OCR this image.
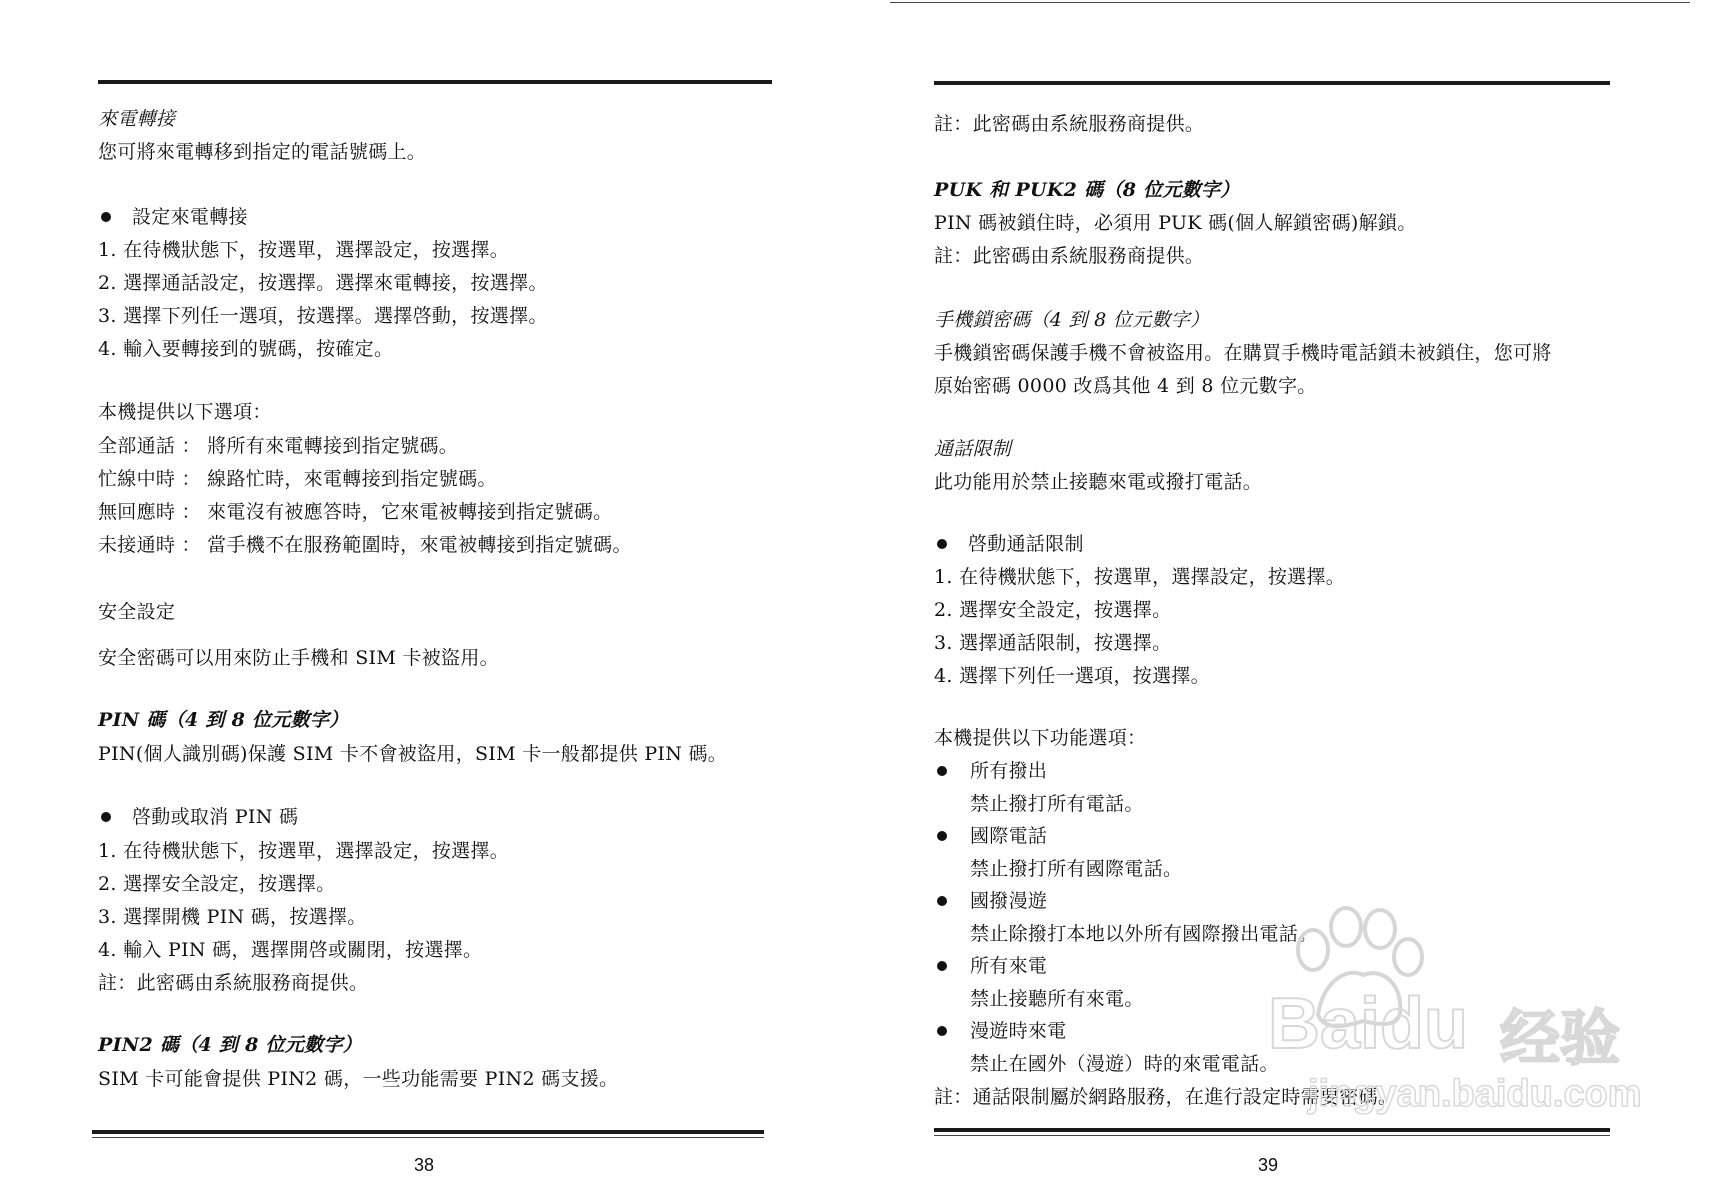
來電轉接
您可將來電轉移到指定的電話號碼上。
設定來電轉接
1. 在待機狀態下，按選單，選擇設定，按選擇。
2. 選擇通話設定，按選擇。選擇來電轉接，按選擇。
3. 選擇下列任一選項，按選擇。選擇啓動，按選擇。
4. 輸入要轉接到的號碼，按確定。
本機提供以下選項：
全部通話 ： 將所有來電轉接到指定號碼。
忙線中時 ： 線路忙時，來電轉接到指定號碼。
無回應時 ： 來電沒有被應答時，它來電被轉接到指定號碼。
未接通時 ： 當手機不在服務範圍時，來電被轉接到指定號碼。
安全設定
安全密碼可以用來防止手機和 SIM 卡被盜用。
PIN 碼（4 到 8 位元數字）
PIN(個人識別碼)保護 SIM 卡不會被盜用，SIM 卡一般都提供 PIN 碼。
啓動或取消 PIN 碼
1. 在待機狀態下，按選單，選擇設定，按選擇。
2. 選擇安全設定，按選擇。
3. 選擇開機 PIN 碼，按選擇。
4. 輸入 PIN 碼，選擇開啓或關閉，按選擇。
註：此密碼由系統服務商提供。
PIN2 碼（4 到 8 位元數字）
SIM 卡可能會提供 PIN2 碼，一些功能需要 PIN2 碼支援。
38
註：此密碼由系統服務商提供。
PUK 和 PUK2 碼（8 位元數字）
PIN 碼被鎖住時，必須用 PUK 碼(個人解鎖密碼)解鎖。
註：此密碼由系統服務商提供。
手機鎖密碼（4 到 8 位元數字）
手機鎖密碼保護手機不會被盜用。在購買手機時電話鎖未被鎖住，您可將
原始密碼 0000 改爲其他 4 到 8 位元數字。
通話限制
此功能用於禁止接聽來電或撥打電話。
啓動通話限制
1. 在待機狀態下，按選單，選擇設定，按選擇。
2. 選擇安全設定，按選擇。
3. 選擇通話限制，按選擇。
4. 選擇下列任一選項，按選擇。
本機提供以下功能選項：
所有撥出
禁止撥打所有電話。
國際電話
禁止撥打所有國際電話。
國撥漫遊
禁止除撥打本地以外所有國際撥出電話。
所有來電
禁止接聽所有來電。
漫遊時來電
禁止在國外（漫遊）時的來電電話。
註：通話限制屬於網路服務，在進行設定時需要密碼。
39
Baidu 经验
jingyan.baidu.com
